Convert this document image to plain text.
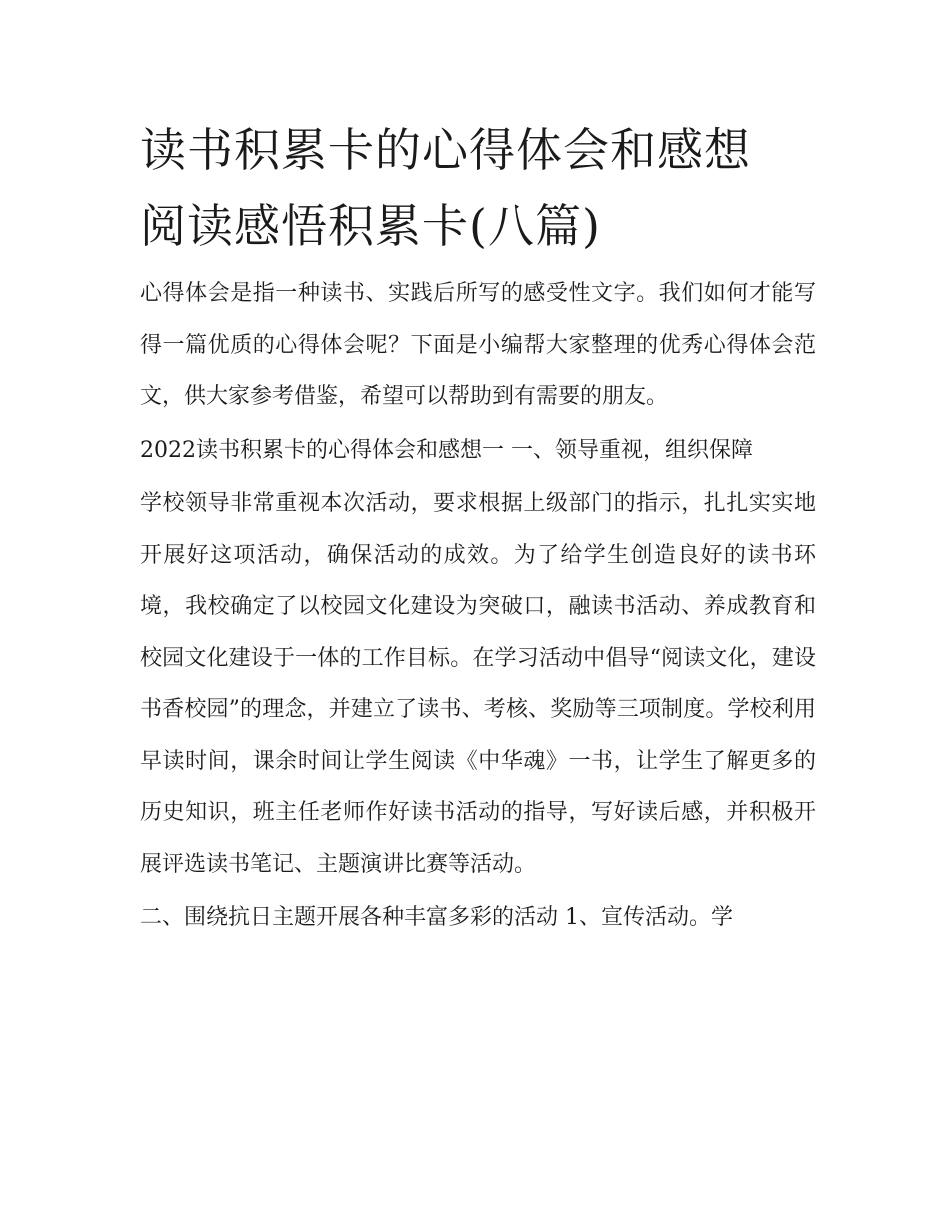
读书积累卡的心得体会和感想
阅读感悟积累卡(八篇)

心得体会是指一种读书、实践后所写的感受性文字。我们如何才能写得一篇优质的心得体会呢？下面是小编帮大家整理的优秀心得体会范文，供大家参考借鉴，希望可以帮助到有需要的朋友。

2022读书积累卡的心得体会和感想一 一、领导重视，组织保障

学校领导非常重视本次活动，要求根据上级部门的指示，扎扎实实地开展好这项活动，确保活动的成效。为了给学生创造良好的读书环境，我校确定了以校园文化建设为突破口，融读书活动、养成教育和校园文化建设于一体的工作目标。在学习活动中倡导“阅读文化，建设书香校园”的理念，并建立了读书、考核、奖励等三项制度。学校利用早读时间，课余时间让学生阅读《中华魂》一书，让学生了解更多的历史知识，班主任老师作好读书活动的指导，写好读后感，并积极开展评选读书笔记、主题演讲比赛等活动。

二、围绕抗日主题开展各种丰富多彩的活动 1、宣传活动。学
